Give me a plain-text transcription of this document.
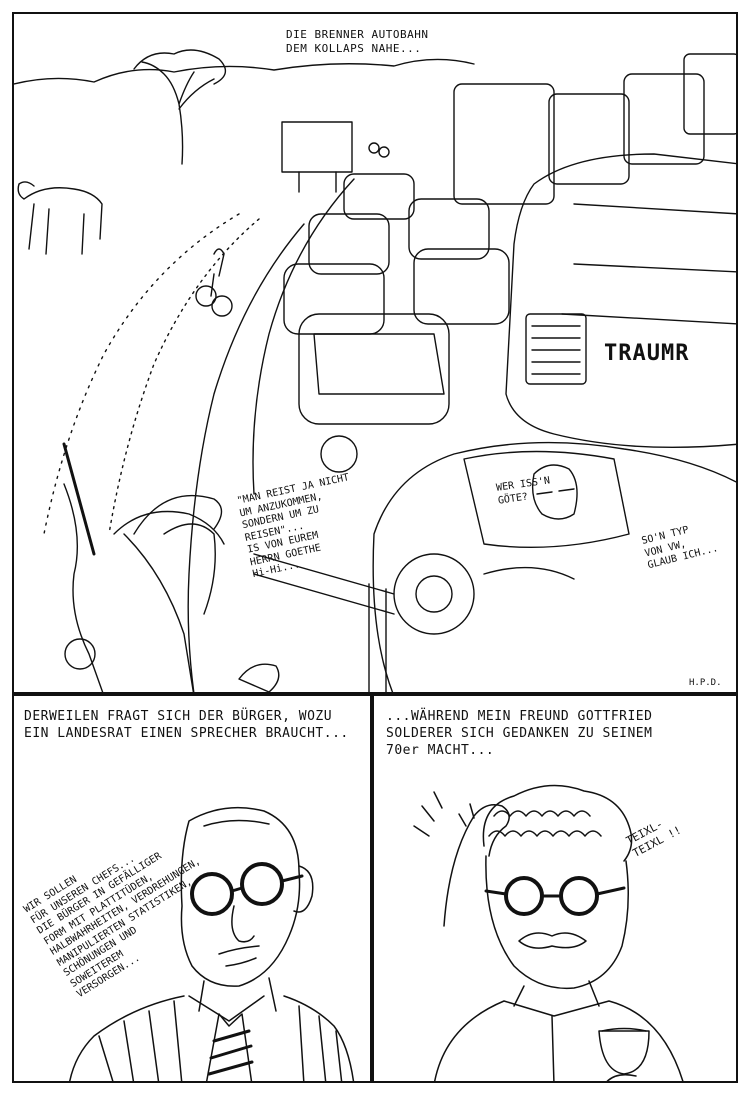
DIE BRENNER AUTOBAHN
DEM KOLLAPS NAHE...
TRAUMR
"MAN REIST JA NICHT
UM ANZUKOMMEN,
SONDERN UM ZU
REISEN"...
IS VON EUREM
HERRN GOETHE
Hi-Hi...
WER ISS'N
GÖTE?
SO'N TYP
VON VW,
GLAUB ICH...
H.P.D.
DERWEILEN FRAGT SICH DER BÜRGER, WOZU
EIN LANDESRAT EINEN SPRECHER BRAUCHT...
WIR SOLLEN
FÜR UNSEREN CHEFS...
DIE BÜRGER IN GEFÄLLIGER
FORM MIT PLATTITÜDEN,
HALBWAHRHEITEN, VERDREHUNGEN,
MANIPULIERTEN STATISTIKEN,
SCHÖNUNGEN UND
SOWEITEREM
VERSORGEN...
...WÄHREND MEIN FREUND GOTTFRIED
SOLDERER SICH GEDANKEN ZU SEINEM
70er MACHT...
TEIXL-
TEIXL !!
